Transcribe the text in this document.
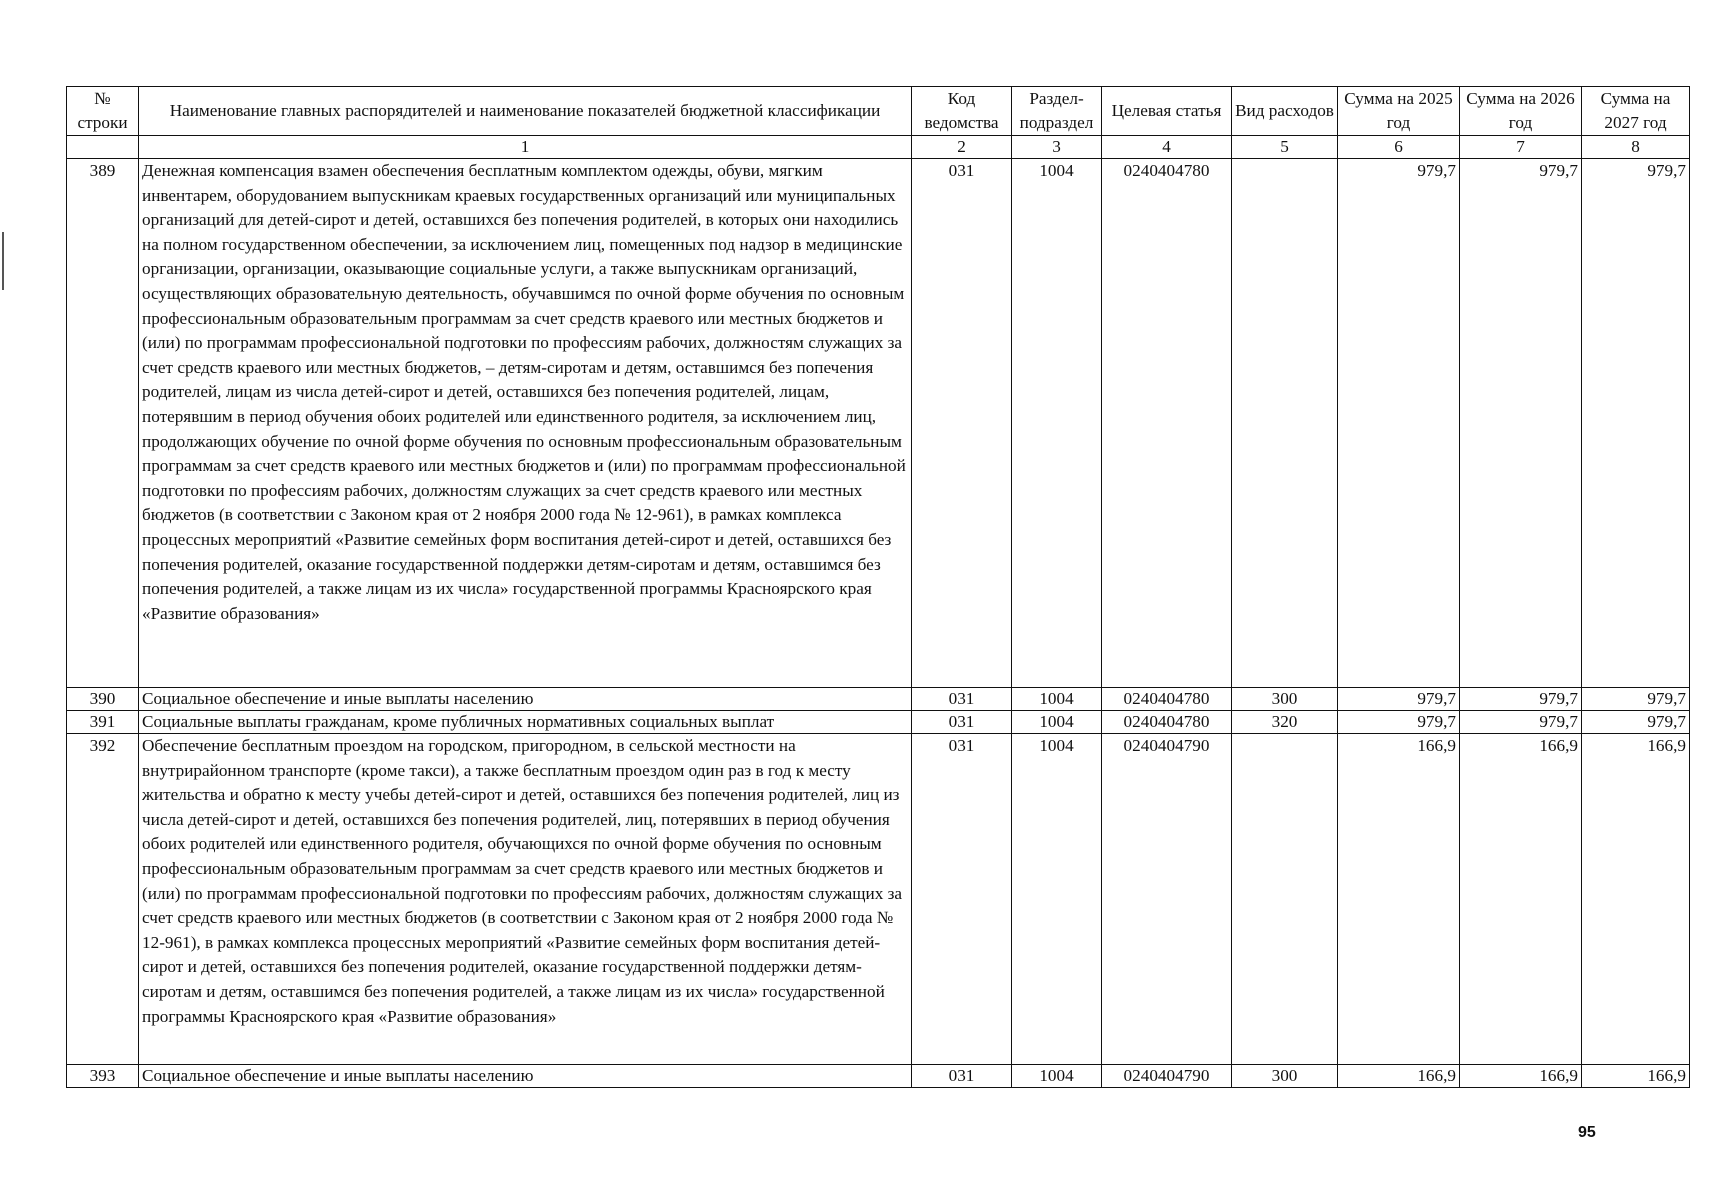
№ строки	Наименование главных распорядителей и наименование показателей бюджетной классификации	Код ведомства	Раздел-подраздел	Целевая статья	Вид расходов	Сумма на 2025 год	Сумма на 2026 год	Сумма на 2027 год
	1	2	3	4	5	6	7	8
389	Денежная компенсация взамен обеспечения бесплатным комплектом одежды, обуви, мягким инвентарем, оборудованием выпускникам краевых государственных организаций или муниципальных организаций для детей-сирот и детей, оставшихся без попечения родителей, в которых они находились на полном государственном обеспечении, за исключением лиц, помещенных под надзор в медицинские организации, организации, оказывающие социальные услуги, а также выпускникам организаций, осуществляющих образовательную деятельность, обучавшимся по очной форме обучения по основным профессиональным образовательным программам за счет средств краевого или местных бюджетов и (или) по программам профессиональной подготовки по профессиям рабочих, должностям служащих за счет средств краевого или местных бюджетов, – детям-сиротам и детям, оставшимся без попечения родителей, лицам из числа детей-сирот и детей, оставшихся без попечения родителей, лицам, потерявшим в период обучения обоих родителей или единственного родителя, за исключением лиц, продолжающих обучение по очной форме обучения по основным профессиональным образовательным программам за счет средств краевого или местных бюджетов и (или) по программам профессиональной подготовки по профессиям рабочих, должностям служащих за счет средств краевого или местных бюджетов (в соответствии с Законом края от 2 ноября 2000 года № 12-961), в рамках комплекса процессных мероприятий «Развитие семейных форм воспитания детей-сирот и детей, оставшихся без попечения родителей, оказание государственной поддержки детям-сиротам и детям, оставшимся без попечения родителей, а также лицам из их числа» государственной программы Красноярского края «Развитие образования»	031	1004	0240404780		979,7	979,7	979,7
390	Социальное обеспечение и иные выплаты населению	031	1004	0240404780	300	979,7	979,7	979,7
391	Социальные выплаты гражданам, кроме публичных нормативных социальных выплат	031	1004	0240404780	320	979,7	979,7	979,7
392	Обеспечение бесплатным проездом на городском, пригородном, в сельской местности на внутрирайонном транспорте (кроме такси), а также бесплатным проездом один раз в год к месту жительства и обратно к месту учебы детей-сирот и детей, оставшихся без попечения родителей, лиц из числа детей-сирот и детей, оставшихся без попечения родителей, лиц, потерявших в период обучения обоих родителей или единственного родителя, обучающихся по очной форме обучения по основным профессиональным образовательным программам за счет средств краевого или местных бюджетов и (или) по программам профессиональной подготовки по профессиям рабочих, должностям служащих за счет средств краевого или местных бюджетов (в соответствии с Законом края от 2 ноября 2000 года № 12-961), в рамках комплекса процессных мероприятий «Развитие семейных форм воспитания детей-сирот и детей, оставшихся без попечения родителей, оказание государственной поддержки детям-сиротам и детям, оставшимся без попечения родителей, а также лицам из их числа» государственной программы Красноярского края «Развитие образования»	031	1004	0240404790		166,9	166,9	166,9
393	Социальное обеспечение и иные выплаты населению	031	1004	0240404790	300	166,9	166,9	166,9
95
